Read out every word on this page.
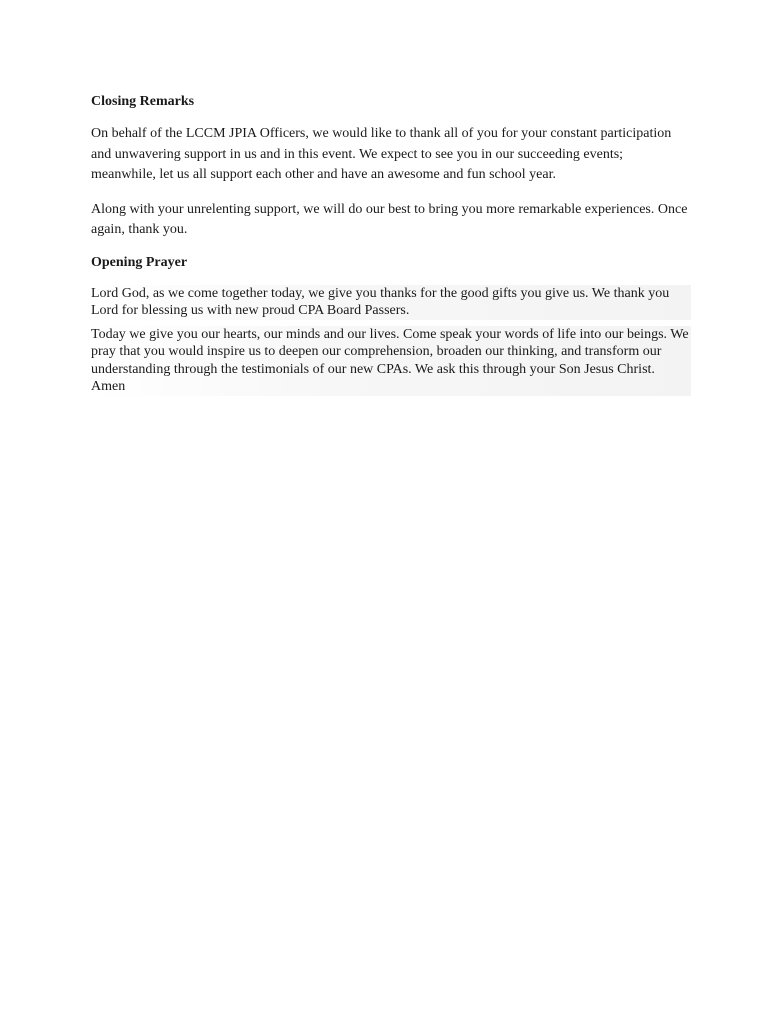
Closing Remarks

On behalf of the LCCM JPIA Officers, we would like to thank all of you for your constant participation and unwavering support in us and in this event. We expect to see you in our succeeding events; meanwhile, let us all support each other and have an awesome and fun school year.

Along with your unrelenting support, we will do our best to bring you more remarkable experiences. Once again, thank you.

Opening Prayer

Lord God, as we come together today, we give you thanks for the good gifts you give us. We thank you Lord for blessing us with new proud CPA Board Passers.

Today we give you our hearts, our minds and our lives. Come speak your words of life into our beings. We pray that you would inspire us to deepen our comprehension, broaden our thinking, and transform our understanding through the testimonials of our new CPAs. We ask this through your Son Jesus Christ. Amen
